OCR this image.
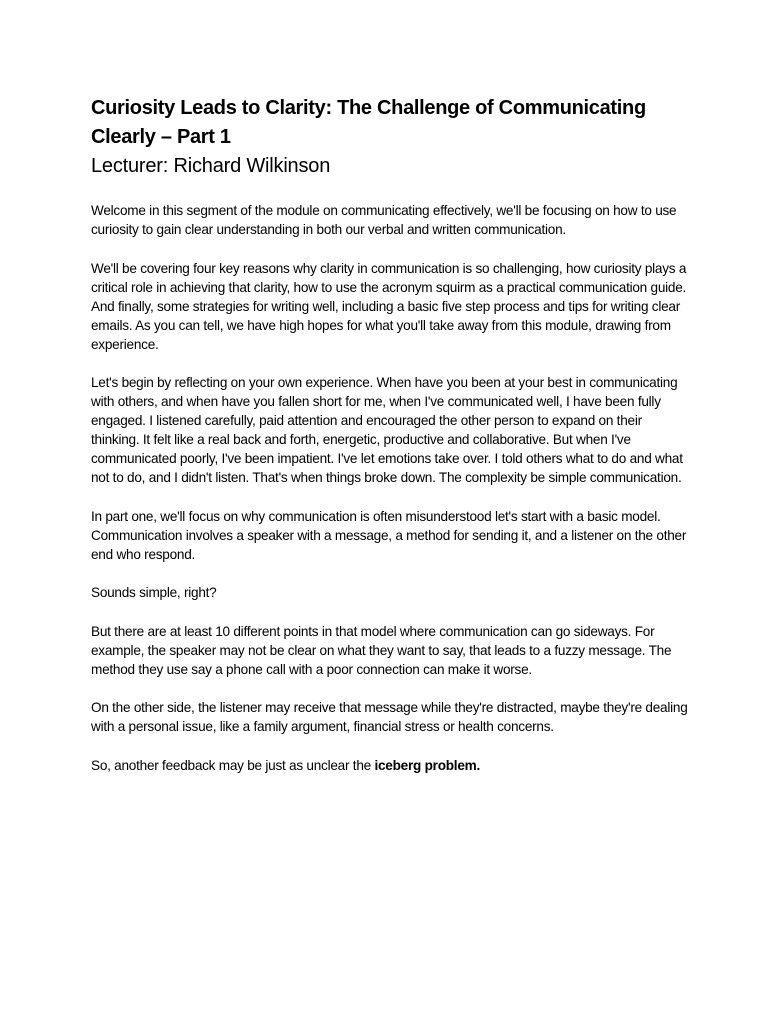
Curiosity Leads to Clarity: The Challenge of Communicating Clearly – Part 1
Lecturer: Richard Wilkinson

Welcome in this segment of the module on communicating effectively, we'll be focusing on how to use curiosity to gain clear understanding in both our verbal and written communication.

We'll be covering four key reasons why clarity in communication is so challenging, how curiosity plays a critical role in achieving that clarity, how to use the acronym squirm as a practical communication guide. And finally, some strategies for writing well, including a basic five step process and tips for writing clear emails. As you can tell, we have high hopes for what you'll take away from this module, drawing from experience.

Let's begin by reflecting on your own experience. When have you been at your best in communicating with others, and when have you fallen short for me, when I've communicated well, I have been fully engaged. I listened carefully, paid attention and encouraged the other person to expand on their thinking. It felt like a real back and forth, energetic, productive and collaborative. But when I've communicated poorly, I've been impatient. I've let emotions take over. I told others what to do and what not to do, and I didn't listen. That's when things broke down. The complexity be simple communication.

In part one, we'll focus on why communication is often misunderstood let's start with a basic model. Communication involves a speaker with a message, a method for sending it, and a listener on the other end who respond.

Sounds simple, right?

But there are at least 10 different points in that model where communication can go sideways. For example, the speaker may not be clear on what they want to say, that leads to a fuzzy message. The method they use say a phone call with a poor connection can make it worse.

On the other side, the listener may receive that message while they're distracted, maybe they're dealing with a personal issue, like a family argument, financial stress or health concerns.

So, another feedback may be just as unclear the iceberg problem.
